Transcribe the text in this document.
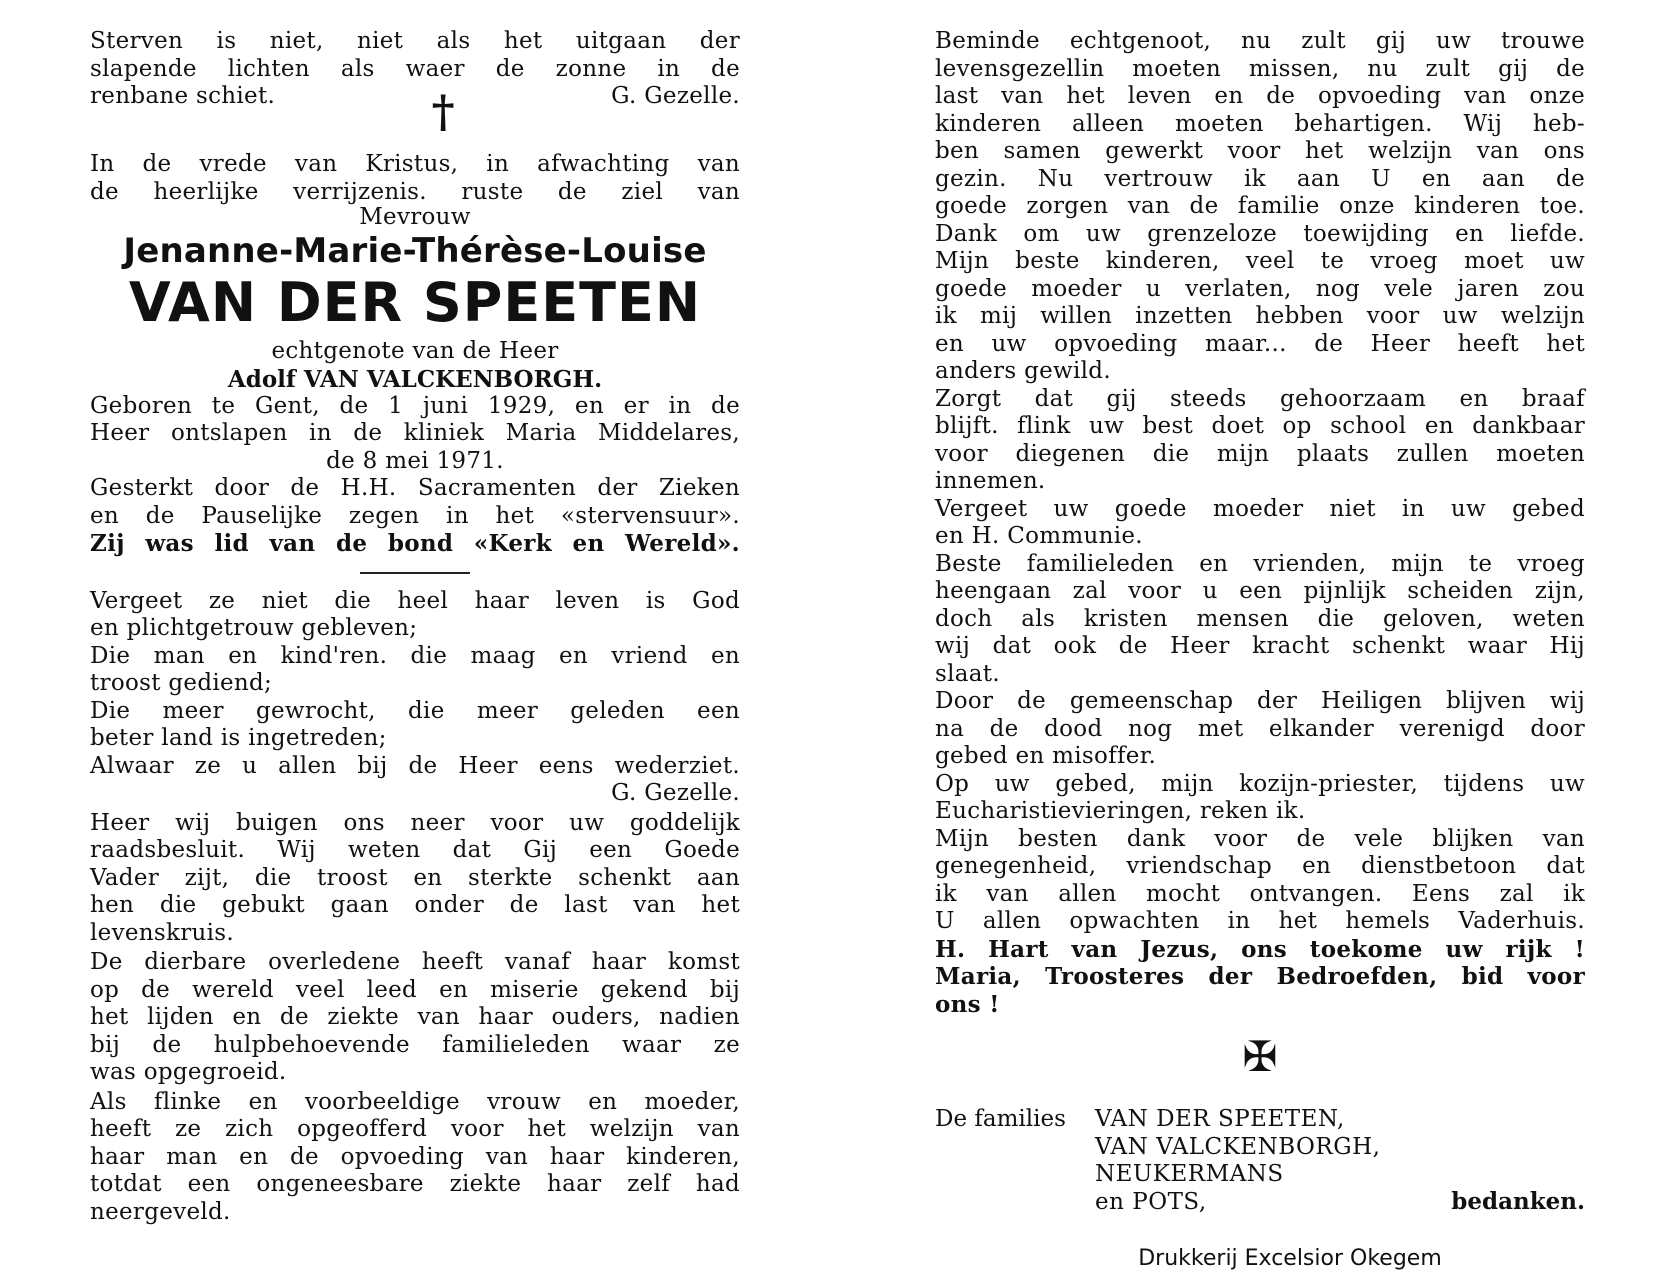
Sterven is niet, niet als het uitgaan der
slapende lichten als waer de zonne in de
renbane schiet.	G. Gezelle.
†
In de vrede van Kristus, in afwachting van
de heerlijke verrijzenis. ruste de ziel van
Mevrouw
Jenanne-Marie-Thérèse-Louise
VAN DER SPEETEN
echtgenote van de Heer
Adolf VAN VALCKENBORGH.
Geboren te Gent, de 1 juni 1929, en er in de
Heer ontslapen in de kliniek Maria Middelares,
de 8 mei 1971.
Gesterkt door de H.H. Sacramenten der Zieken
en de Pauselijke zegen in het «stervensuur».
Zij was lid van de bond «Kerk en Wereld».
Vergeet ze niet die heel haar leven is God
en plichtgetrouw gebleven;
Die man en kind'ren. die maag en vriend en
troost gediend;
Die meer gewrocht, die meer geleden een
beter land is ingetreden;
Alwaar ze u allen bij de Heer eens wederziet.
G. Gezelle.
Heer wij buigen ons neer voor uw goddelijk
raadsbesluit. Wij weten dat Gij een Goede
Vader zijt, die troost en sterkte schenkt aan
hen die gebukt gaan onder de last van het
levenskruis.
De dierbare overledene heeft vanaf haar komst
op de wereld veel leed en miserie gekend bij
het lijden en de ziekte van haar ouders, nadien
bij de hulpbehoevende familieleden waar ze
was opgegroeid.
Als flinke en voorbeeldige vrouw en moeder,
heeft ze zich opgeofferd voor het welzijn van
haar man en de opvoeding van haar kinderen,
totdat een ongeneesbare ziekte haar zelf had
neergeveld.
Beminde echtgenoot, nu zult gij uw trouwe
levensgezellin moeten missen, nu zult gij de
last van het leven en de opvoeding van onze
kinderen alleen moeten behartigen. Wij heb-
ben samen gewerkt voor het welzijn van ons
gezin. Nu vertrouw ik aan U en aan de
goede zorgen van de familie onze kinderen toe.
Dank om uw grenzeloze toewijding en liefde.
Mijn beste kinderen, veel te vroeg moet uw
goede moeder u verlaten, nog vele jaren zou
ik mij willen inzetten hebben voor uw welzijn
en uw opvoeding maar... de Heer heeft het
anders gewild.
Zorgt dat gij steeds gehoorzaam en braaf
blijft. flink uw best doet op school en dankbaar
voor diegenen die mijn plaats zullen moeten
innemen.
Vergeet uw goede moeder niet in uw gebed
en H. Communie.
Beste familieleden en vrienden, mijn te vroeg
heengaan zal voor u een pijnlijk scheiden zijn,
doch als kristen mensen die geloven, weten
wij dat ook de Heer kracht schenkt waar Hij
slaat.
Door de gemeenschap der Heiligen blijven wij
na de dood nog met elkander verenigd door
gebed en misoffer.
Op uw gebed, mijn kozijn-priester, tijdens uw
Eucharistievieringen, reken ik.
Mijn besten dank voor de vele blijken van
genegenheid, vriendschap en dienstbetoon dat
ik van allen mocht ontvangen. Eens zal ik
U allen opwachten in het hemels Vaderhuis.
H. Hart van Jezus, ons toekome uw rijk !
Maria, Troosteres der Bedroefden, bid voor
ons !
✠
De families VAN DER SPEETEN,
VAN VALCKENBORGH,
NEUKERMANS
en POTS,	bedanken.
Drukkerij Excelsior Okegem
